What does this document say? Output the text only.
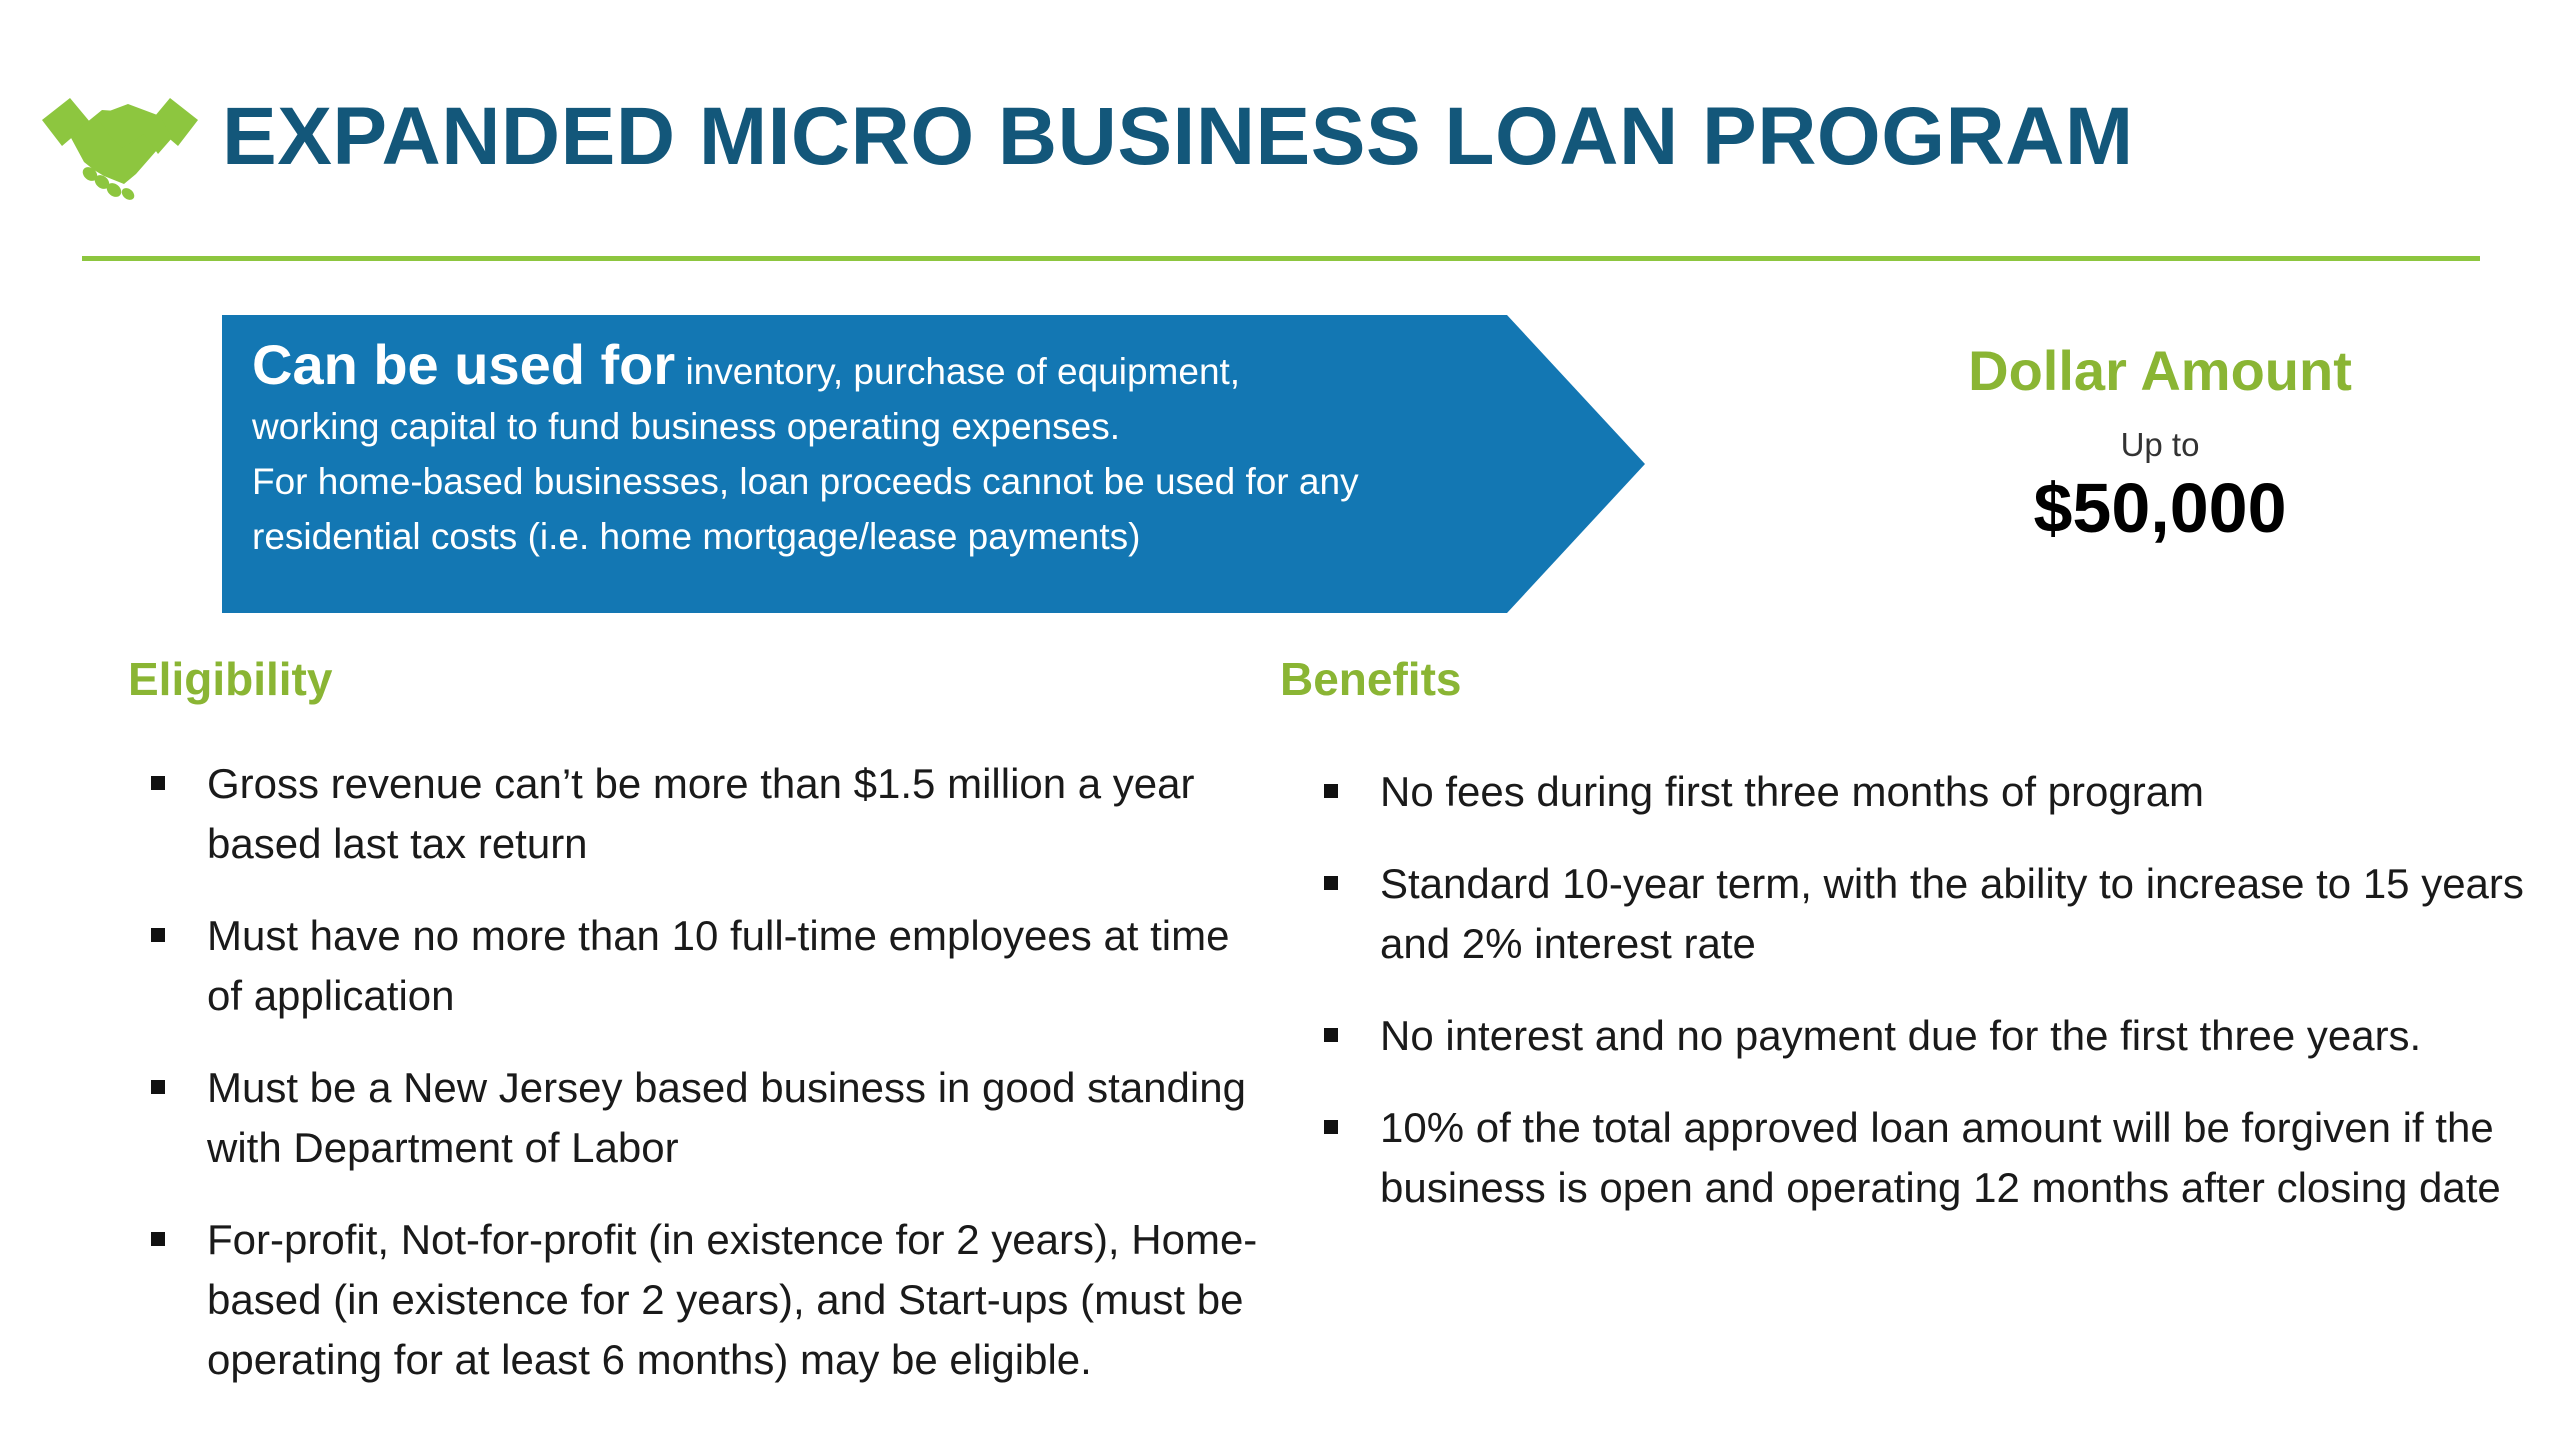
EXPANDED MICRO BUSINESS LOAN PROGRAM
Can be used for inventory, purchase of equipment,
working capital to fund business operating expenses.
For home-based businesses, loan proceeds cannot be used for any
residential costs (i.e. home mortgage/lease payments)
Dollar Amount
Up to
$50,000
Eligibility
Gross revenue can’t be more than $1.5 million a year based last tax return
Must have no more than 10 full-time employees at time of application
Must be a New Jersey based business in good standing with Department of Labor
For-profit, Not-for-profit (in existence for 2 years), Home-based (in existence for 2 years), and Start-ups (must be operating for at least 6 months) may be eligible.
Benefits
No fees during first three months of program
Standard 10-year term, with the ability to increase to 15 years and 2% interest rate
No interest and no payment due for the first three years.
10% of the total approved loan amount will be forgiven if the business is open and operating 12 months after closing date
